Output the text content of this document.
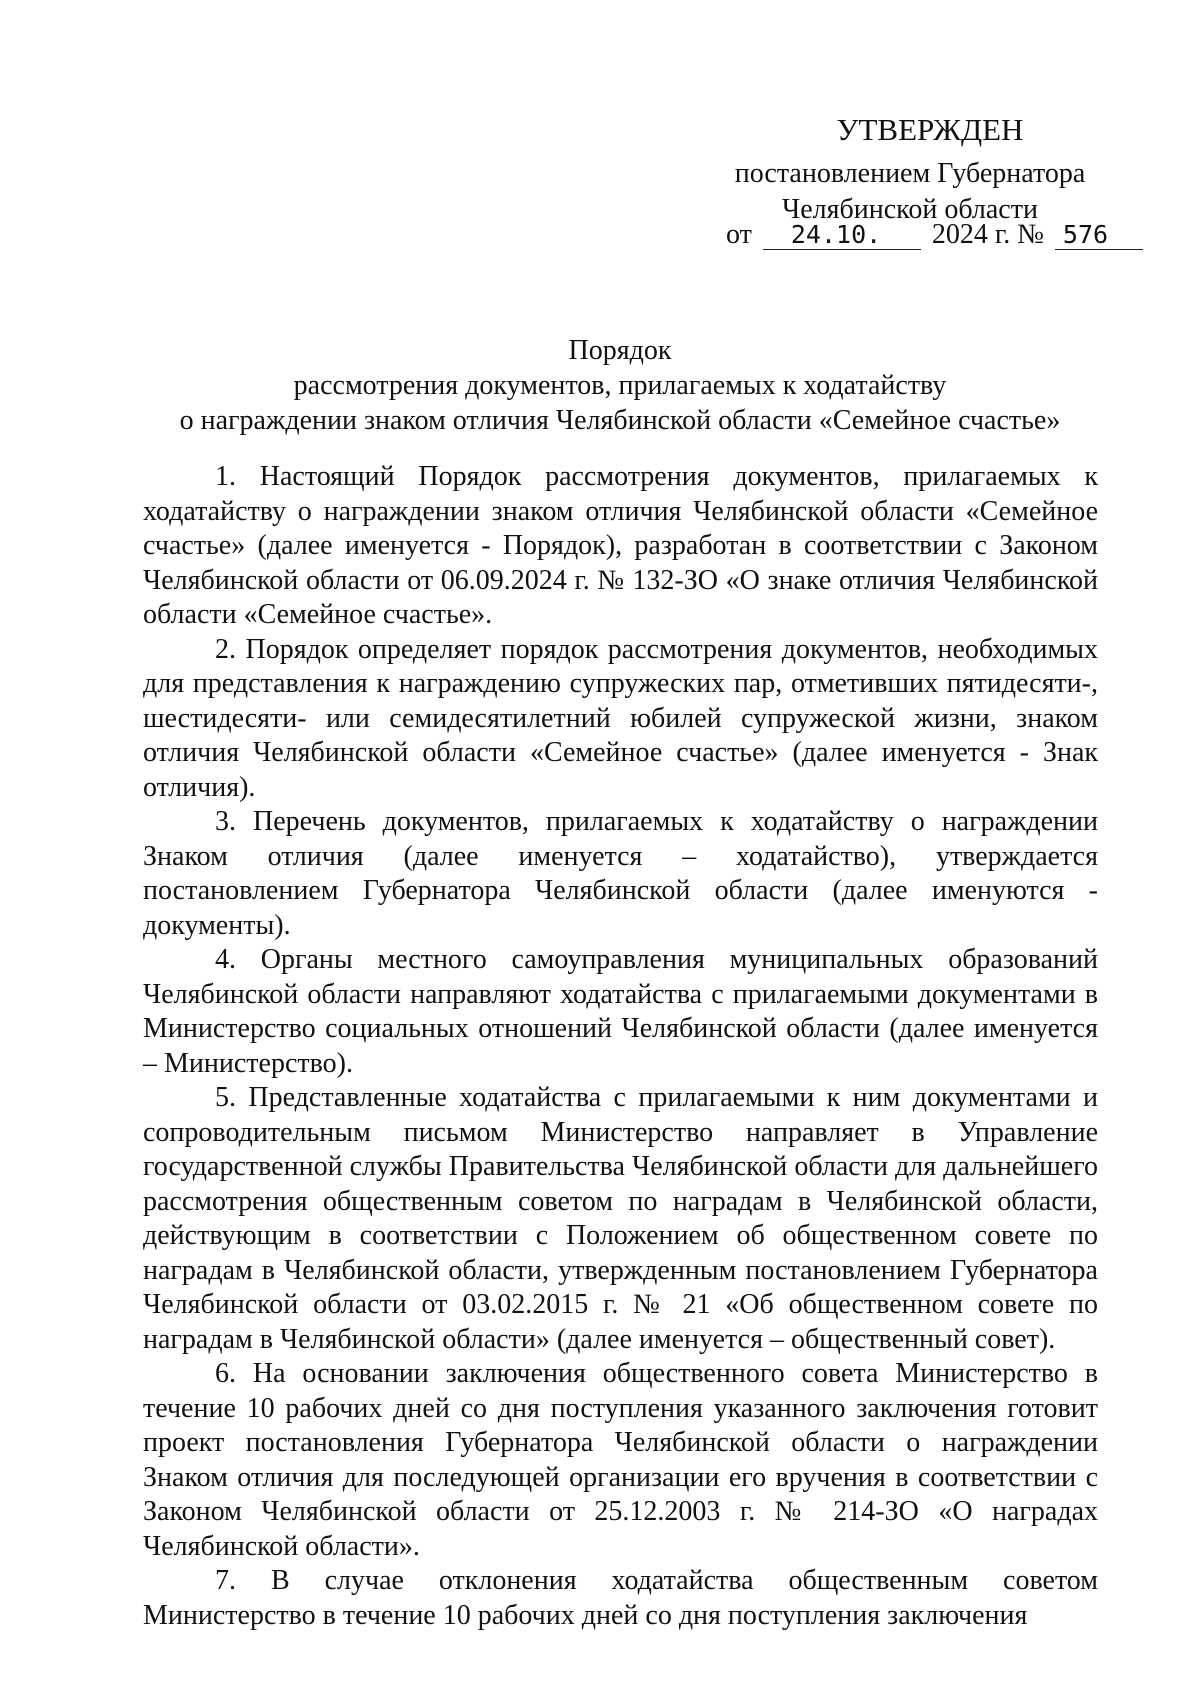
УТВЕРЖДЕН
постановлением Губернатора
Челябинской области
от 24.10. 2024 г. № 576
Порядок
рассмотрения документов, прилагаемых к ходатайству
о награждении знаком отличия Челябинской области «Семейное счастье»

1. Настоящий Порядок рассмотрения документов, прилагаемых к ходатайству о награждении знаком отличия Челябинской области «Семейное счастье» (далее именуется - Порядок), разработан в соответствии с Законом Челябинской области от 06.09.2024 г. № 132-ЗО «О знаке отличия Челябинской области «Семейное счастье».

2. Порядок определяет порядок рассмотрения документов, необходимых для представления к награждению супружеских пар, отметивших пятидесяти-, шестидесяти- или семидесятилетний юбилей супружеской жизни, знаком отличия Челябинской области «Семейное счастье» (далее именуется - Знак отличия).

3. Перечень документов, прилагаемых к ходатайству о награждении Знаком отличия (далее именуется – ходатайство), утверждается постановлением Губернатора Челябинской области (далее именуются - документы).

4. Органы местного самоуправления муниципальных образований Челябинской области направляют ходатайства с прилагаемыми документами в Министерство социальных отношений Челябинской области (далее именуется – Министерство).

5. Представленные ходатайства с прилагаемыми к ним документами и сопроводительным письмом Министерство направляет в Управление государственной службы Правительства Челябинской области для дальнейшего рассмотрения общественным советом по наградам в Челябинской области, действующим в соответствии с Положением об общественном совете по наградам в Челябинской области, утвержденным постановлением Губернатора Челябинской области от 03.02.2015 г. № 21 «Об общественном совете по наградам в Челябинской области» (далее именуется – общественный совет).

6. На основании заключения общественного совета Министерство в течение 10 рабочих дней со дня поступления указанного заключения готовит проект постановления Губернатора Челябинской области о награждении Знаком отличия для последующей организации его вручения в соответствии с Законом Челябинской области от 25.12.2003 г. № 214-ЗО «О наградах Челябинской области».

7. В случае отклонения ходатайства общественным советом Министерство в течение 10 рабочих дней со дня поступления заключения
